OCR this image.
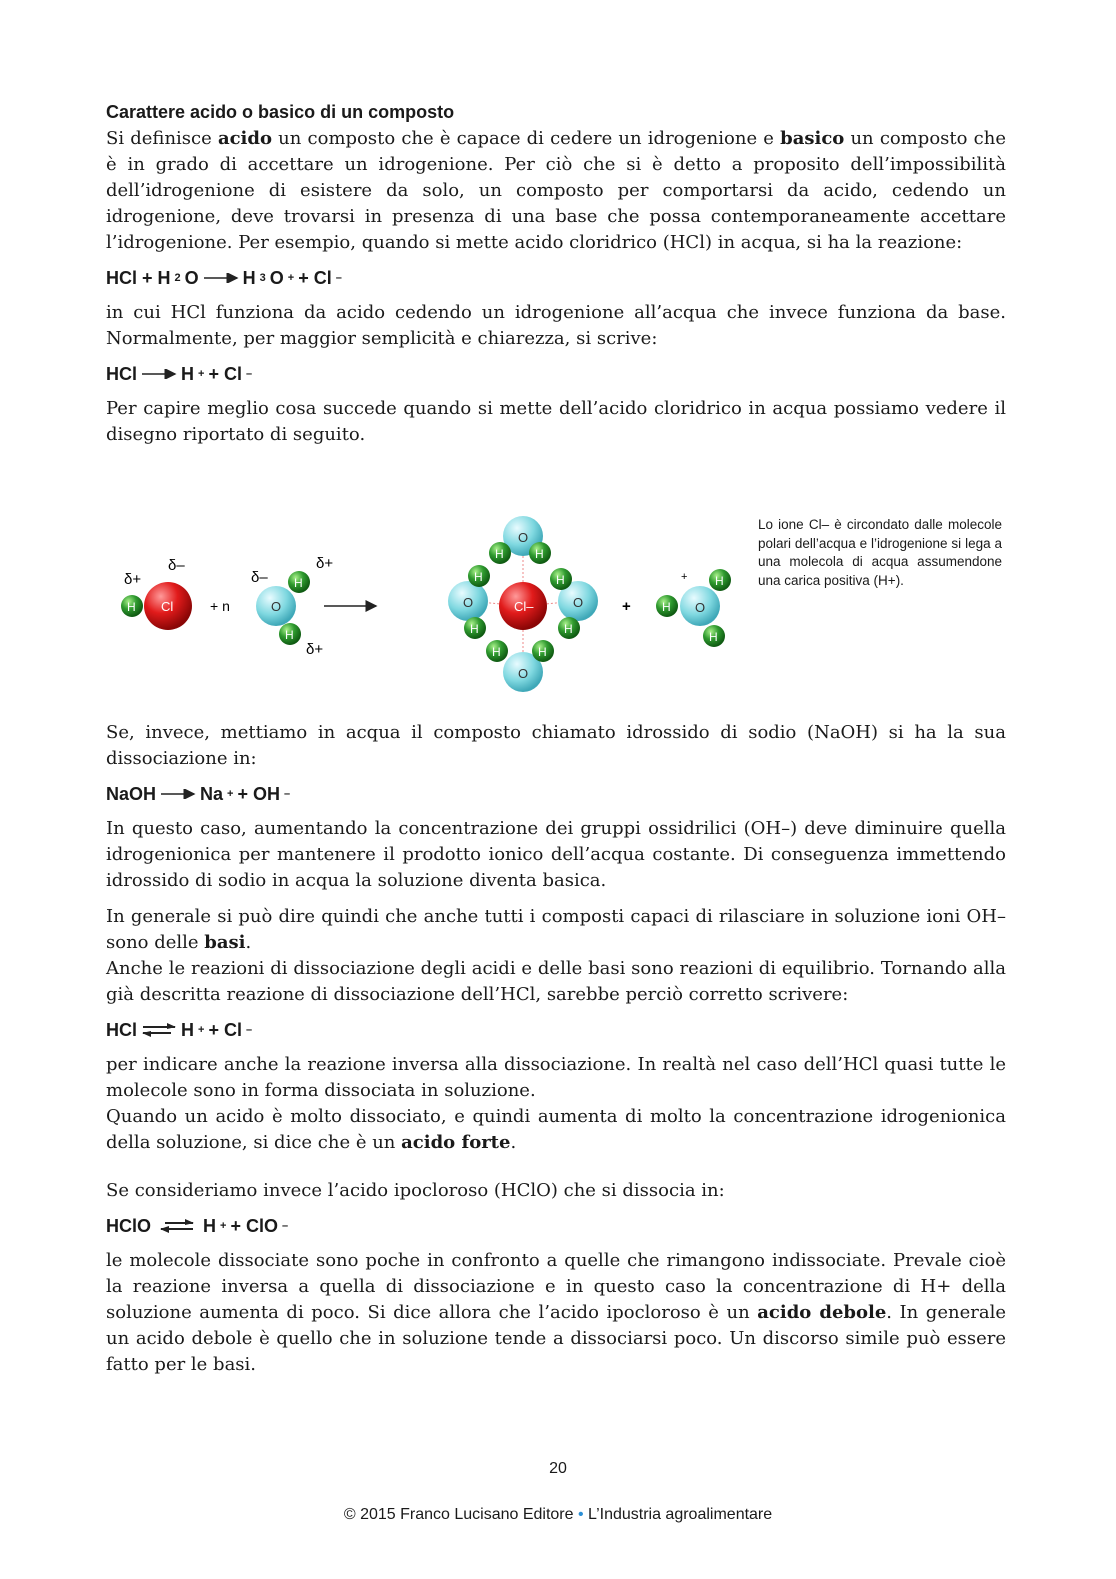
Carattere acido o basico di un composto

Si definisce acido un composto che è capace di cedere un idrogenione e basico un composto che è in grado di accettare un idrogenione. Per ciò che si è detto a proposito dell’impossibilità dell’idrogenione di esistere da solo, un composto per comportarsi da acido, cedendo un idrogenione, deve trovarsi in presenza di una base che possa contemporaneamente accettare l’idrogenione. Per esempio, quando si mette acido cloridrico (HCl) in acqua, si ha la reazione:

HCl + H 2 O H 3 O + + Cl –

in cui HCl funziona da acido cedendo un idrogenione all’acqua che invece funziona da base. Normalmente, per maggior semplicità e chiarezza, si scrive:

HCl H + + Cl –

Per capire meglio cosa succede quando si mette dell’acido cloridrico in acqua possiamo vedere il disegno riportato di seguito.

δ+
δ–
H Cl	+ n
δ–
δ+
δ+
O
H
H
Cl–
O
H	H
O
H	H
O
H
H
O
H
H
+
+
O
H
H
H
Lo ione Cl– è circondato dalle molecole polari dell’acqua e l’idrogenione si lega a una molecola di acqua assumendone una carica positiva (H+).

Se, invece, mettiamo in acqua il composto chiamato idrossido di sodio (NaOH) si ha la sua dissociazione in:

NaOH Na + + OH –

In questo caso, aumentando la concentrazione dei gruppi ossidrilici (OH–) deve diminuire quella idrogenionica per mantenere il prodotto ionico dell’acqua costante. Di conseguenza immettendo idrossido di sodio in acqua la soluzione diventa basica.

In generale si può dire quindi che anche tutti i composti capaci di rilasciare in soluzione ioni OH– sono delle basi.

Anche le reazioni di dissociazione degli acidi e delle basi sono reazioni di equilibrio. Tornando alla già descritta reazione di dissociazione dell’HCl, sarebbe perciò corretto scrivere:

HCl ⇌ H + + Cl –

per indicare anche la reazione inversa alla dissociazione. In realtà nel caso dell’HCl quasi tutte le molecole sono in forma dissociata in soluzione.

Quando un acido è molto dissociato, e quindi aumenta di molto la concentrazione idrogenionica della soluzione, si dice che è un acido forte.

Se consideriamo invece l’acido ipocloroso (HClO) che si dissocia in:

HClO ⇌ H + + ClO –

le molecole dissociate sono poche in confronto a quelle che rimangono indissociate. Prevale cioè la reazione inversa a quella di dissociazione e in questo caso la concentrazione di H+ della soluzione aumenta di poco. Si dice allora che l’acido ipocloroso è un acido debole. In generale un acido debole è quello che in soluzione tende a dissociarsi poco. Un discorso simile può essere fatto per le basi.

20
© 2015 Franco Lucisano Editore • L’Industria agroalimentare
